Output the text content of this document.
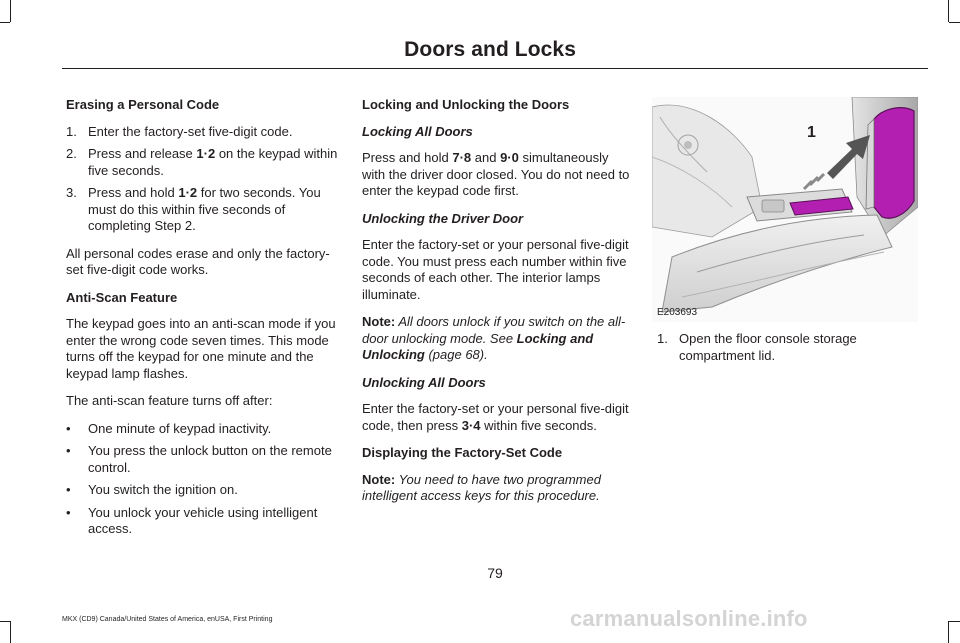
Doors and Locks

Erasing a Personal Code

1. Enter the factory-set five-digit code.
2. Press and release 1·2 on the keypad within five seconds.
3. Press and hold 1·2 for two seconds. You must do this within five seconds of completing Step 2.

All personal codes erase and only the factory-set five-digit code works.

Anti-Scan Feature

The keypad goes into an anti-scan mode if you enter the wrong code seven times. This mode turns off the keypad for one minute and the keypad lamp flashes.

The anti-scan feature turns off after:

• One minute of keypad inactivity.
• You press the unlock button on the remote control.
• You switch the ignition on.
• You unlock your vehicle using intelligent access.

Locking and Unlocking the Doors

Locking All Doors

Press and hold 7·8 and 9·0 simultaneously with the driver door closed. You do not need to enter the keypad code first.

Unlocking the Driver Door

Enter the factory-set or your personal five-digit code. You must press each number within five seconds of each other. The interior lamps illuminate.

Note: All doors unlock if you switch on the all-door unlocking mode. See Locking and Unlocking (page 68).

Unlocking All Doors

Enter the factory-set or your personal five-digit code, then press 3·4 within five seconds.

Displaying the Factory-Set Code

Note: You need to have two programmed intelligent access keys for this procedure.

1
E203693
1. Open the floor console storage compartment lid.
79
MKX (CD9) Canada/United States of America, enUSA, First Printing	carmanualsonline.info
